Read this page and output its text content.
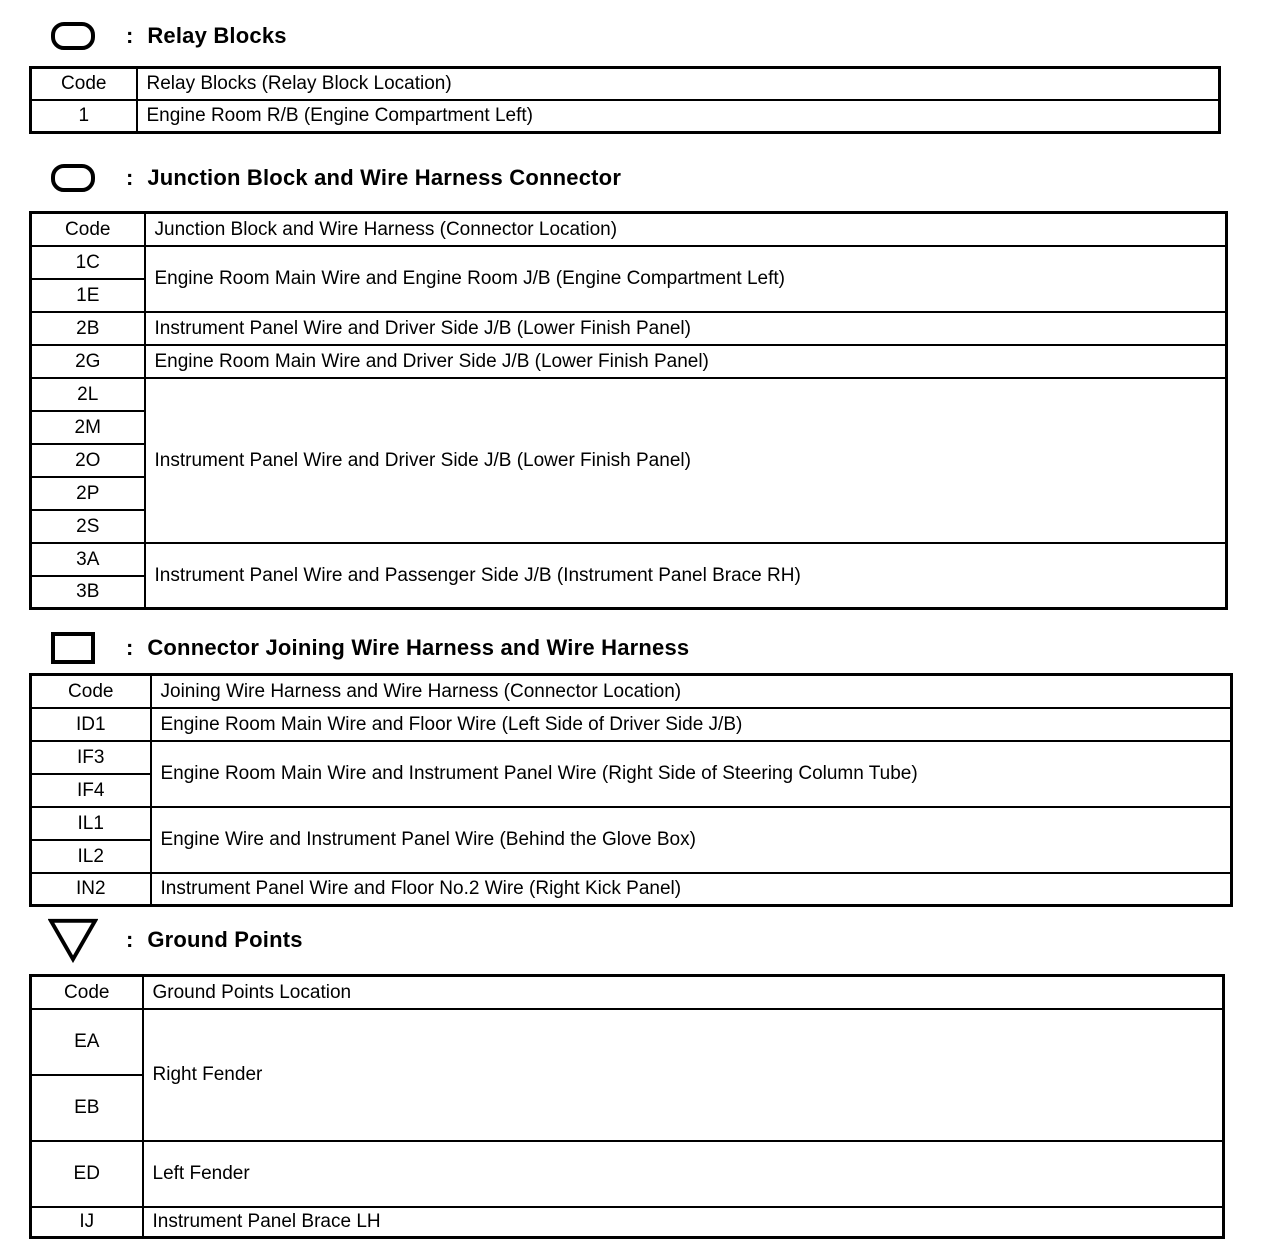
: Relay Blocks
Code	Relay Blocks (Relay Block Location)
1	Engine Room R/B (Engine Compartment Left)
: Junction Block and Wire Harness Connector
Code	Junction Block and Wire Harness (Connector Location)
1C	Engine Room Main Wire and Engine Room J/B (Engine Compartment Left)
1E	
2B	Instrument Panel Wire and Driver Side J/B (Lower Finish Panel)
2G	Engine Room Main Wire and Driver Side J/B (Lower Finish Panel)
2L	Instrument Panel Wire and Driver Side J/B (Lower Finish Panel)
2M	
2O	
2P	
2S	
3A	Instrument Panel Wire and Passenger Side J/B (Instrument Panel Brace RH)
3B	
: Connector Joining Wire Harness and Wire Harness
Code	Joining Wire Harness and Wire Harness (Connector Location)
ID1	Engine Room Main Wire and Floor Wire (Left Side of Driver Side J/B)
IF3	Engine Room Main Wire and Instrument Panel Wire (Right Side of Steering Column Tube)
IF4	
IL1	Engine Wire and Instrument Panel Wire (Behind the Glove Box)
IL2	
IN2	Instrument Panel Wire and Floor No.2 Wire (Right Kick Panel)
: Ground Points
Code	Ground Points Location
EA	Right Fender
EB	
ED	Left Fender
IJ	Instrument Panel Brace LH
